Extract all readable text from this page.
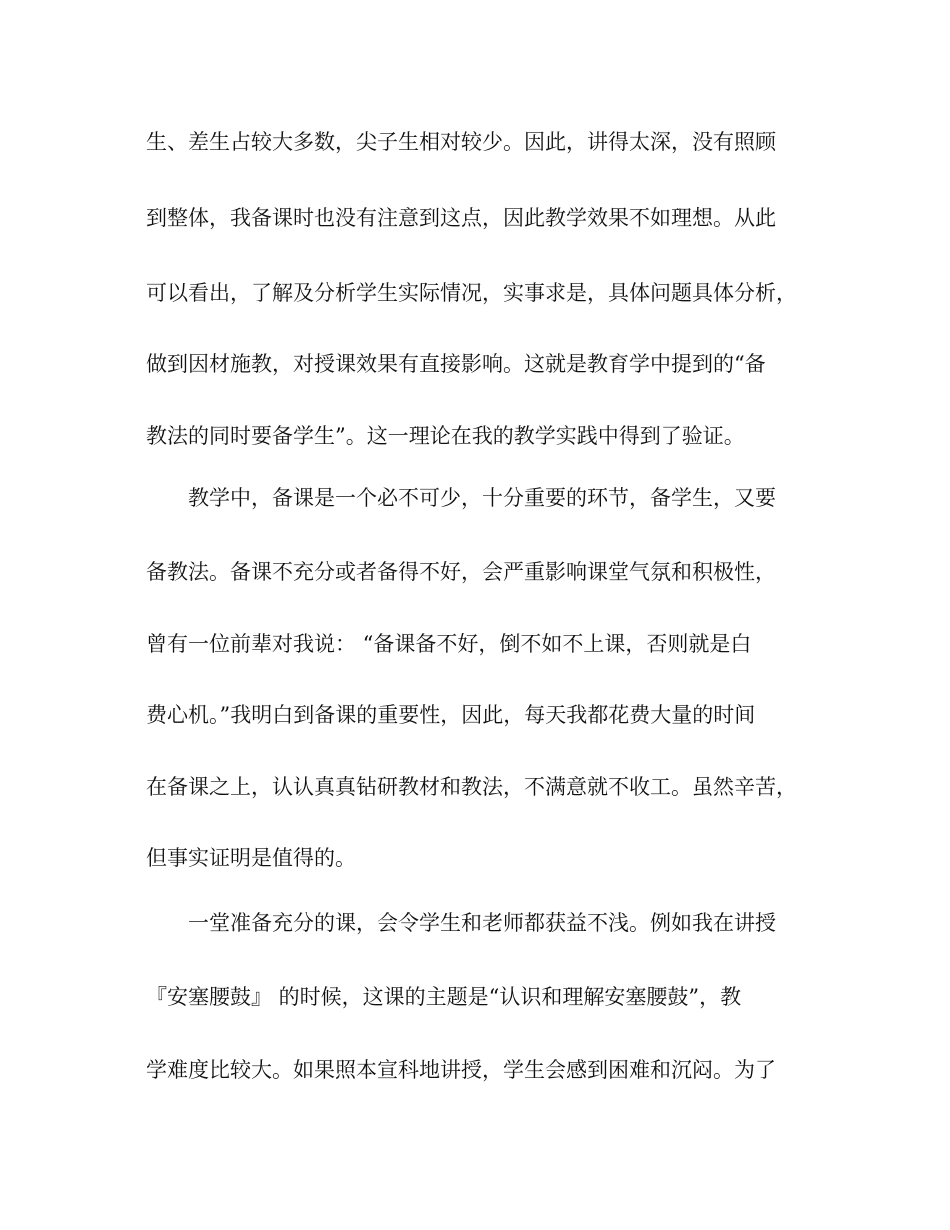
生、差生占较大多数，尖子生相对较少。因此，讲得太深，没有照顾
到整体，我备课时也没有注意到这点，因此教学效果不如理想。从此
可以看出，了解及分析学生实际情况，实事求是，具体问题具体分析，
做到因材施教，对授课效果有直接影响。这就是教育学中提到的“备
教法的同时要备学生”。这一理论在我的教学实践中得到了验证。
教学中，备课是一个必不可少，十分重要的环节，备学生，又要
备教法。备课不充分或者备得不好，会严重影响课堂气氛和积极性，
曾有一位前辈对我说： “备课备不好，倒不如不上课，否则就是白
费心机。”我明白到备课的重要性，因此，每天我都花费大量的时间
在备课之上，认认真真钻研教材和教法，不满意就不收工。虽然辛苦，
但事实证明是值得的。
一堂准备充分的课，会令学生和老师都获益不浅。例如我在讲授
『安塞腰鼓』 的时候，这课的主题是“认识和理解安塞腰鼓”，教
学难度比较大。如果照本宣科地讲授，学生会感到困难和沉闷。为了
